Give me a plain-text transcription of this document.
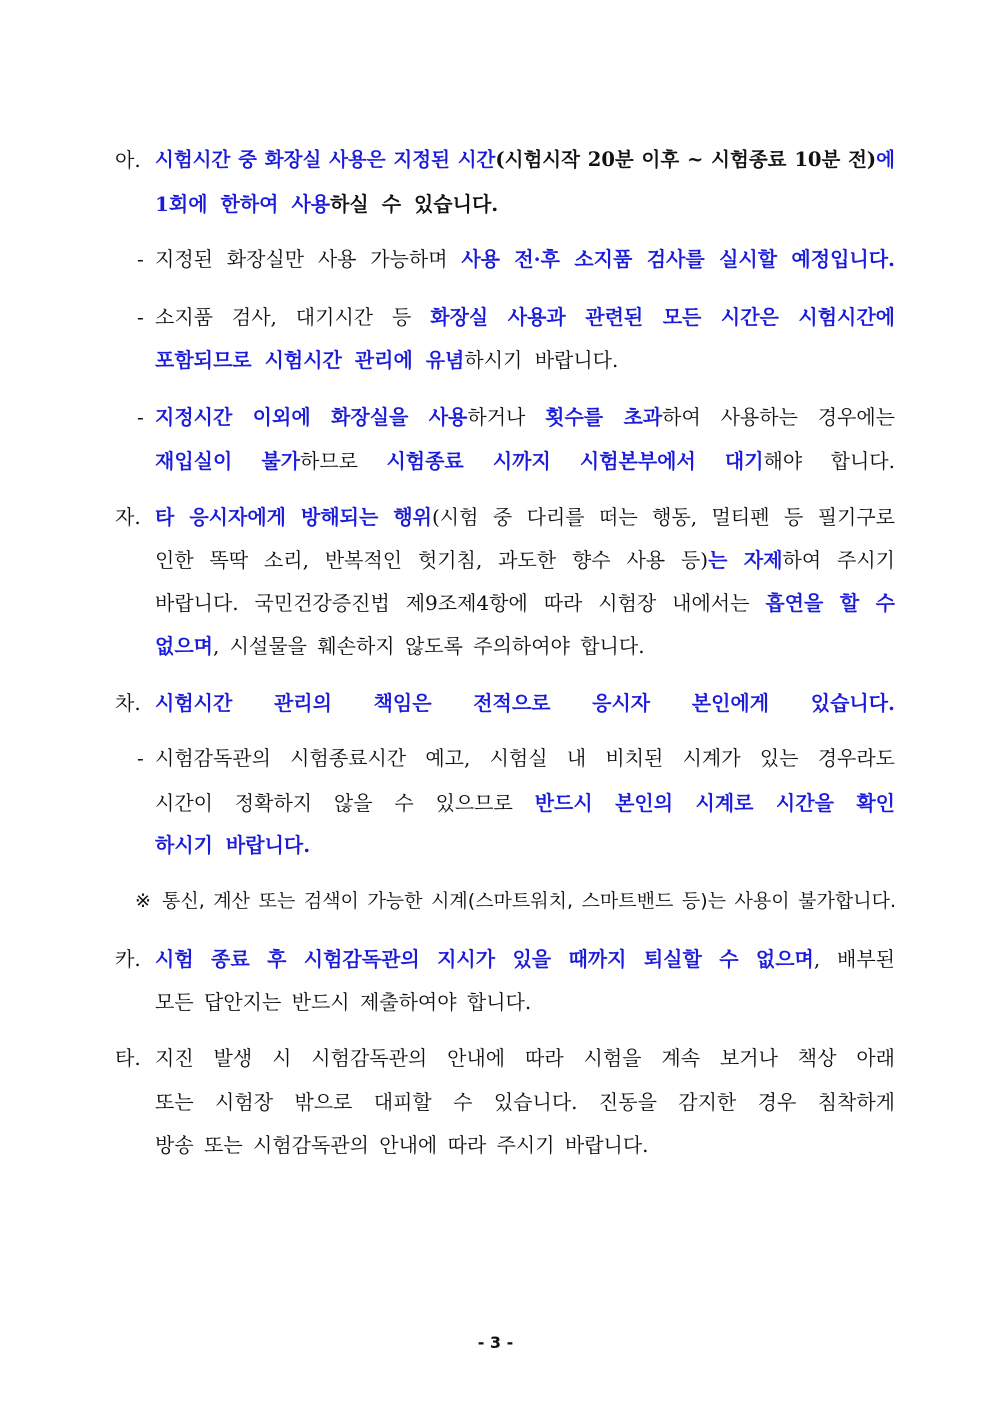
아. 시험시간 중 화장실 사용은 지정된 시간(시험시작 20분 이후 ~ 시험종료 10분 전)에
1회에 한하여 사용하실 수 있습니다.
- 지정된 화장실만 사용 가능하며 사용 전·후 소지품 검사를 실시할 예정입니다.
- 소지품 검사, 대기시간 등 화장실 사용과 관련된 모든 시간은 시험시간에
포함되므로 시험시간 관리에 유념하시기 바랍니다.
- 지정시간 이외에 화장실을 사용하거나 횟수를 초과하여 사용하는 경우에는
재입실이 불가하므로 시험종료 시까지 시험본부에서 대기해야 합니다.
자. 타 응시자에게 방해되는 행위(시험 중 다리를 떠는 행동, 멀티펜 등 필기구로
인한 똑딱 소리, 반복적인 헛기침, 과도한 향수 사용 등)는 자제하여 주시기
바랍니다. 국민건강증진법 제9조제4항에 따라 시험장 내에서는 흡연을 할 수
없으며, 시설물을 훼손하지 않도록 주의하여야 합니다.
차. 시험시간 관리의 책임은 전적으로 응시자 본인에게 있습니다.
- 시험감독관의 시험종료시간 예고, 시험실 내 비치된 시계가 있는 경우라도
시간이 정확하지 않을 수 있으므로 반드시 본인의 시계로 시간을 확인
하시기 바랍니다.
※ 통신, 계산 또는 검색이 가능한 시계(스마트워치, 스마트밴드 등)는 사용이 불가합니다.
카. 시험 종료 후 시험감독관의 지시가 있을 때까지 퇴실할 수 없으며, 배부된
모든 답안지는 반드시 제출하여야 합니다.
타. 지진 발생 시 시험감독관의 안내에 따라 시험을 계속 보거나 책상 아래
또는 시험장 밖으로 대피할 수 있습니다. 진동을 감지한 경우 침착하게
방송 또는 시험감독관의 안내에 따라 주시기 바랍니다.
- 3 -
